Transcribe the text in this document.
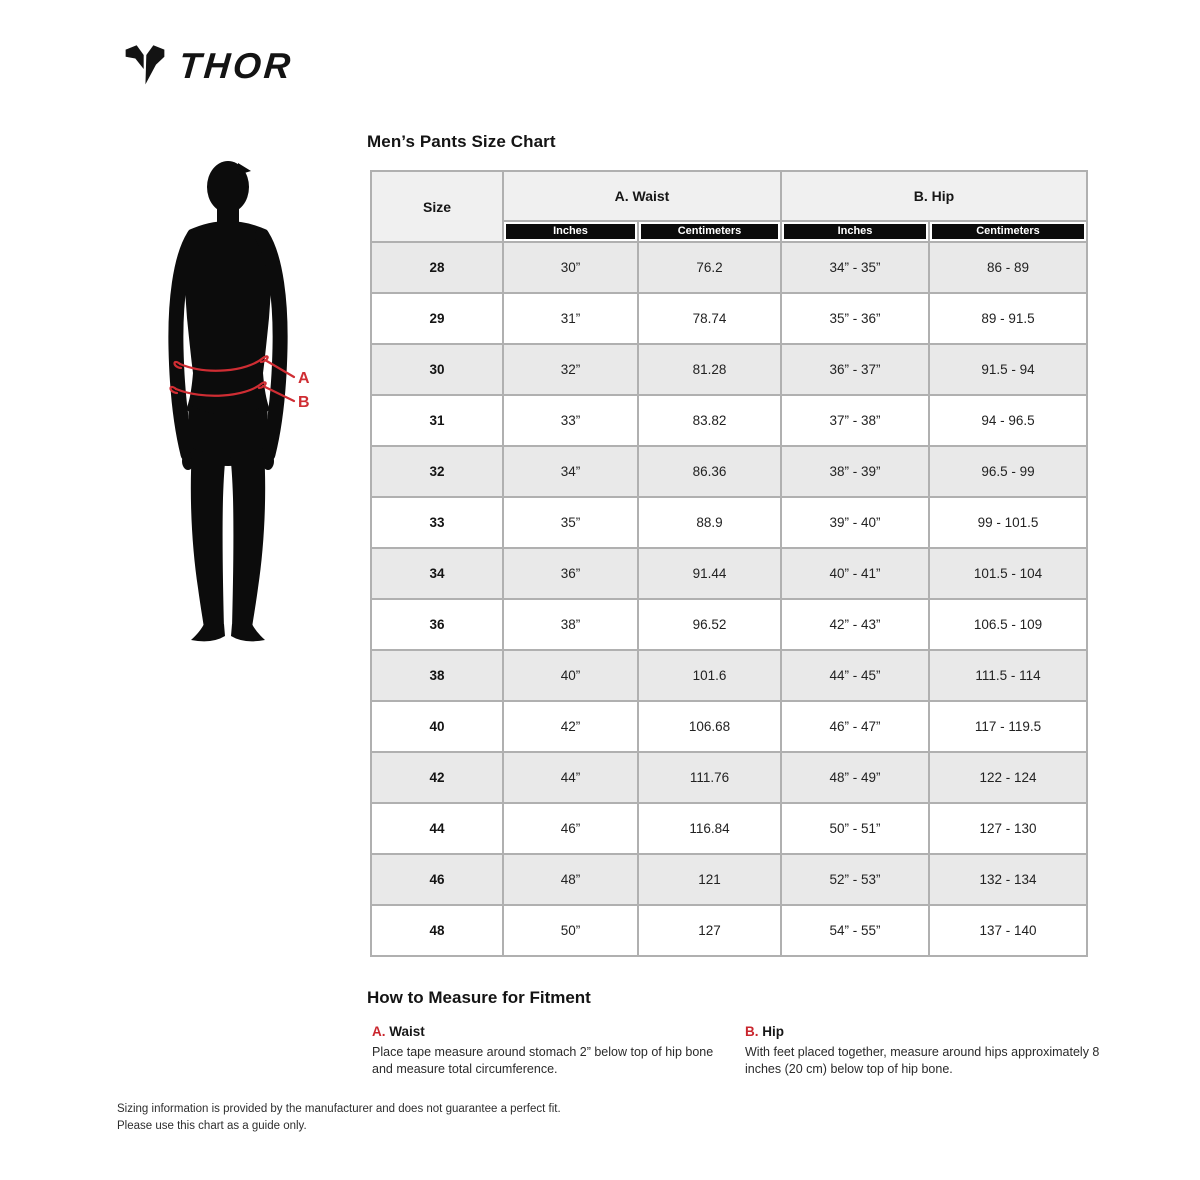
THOR
A
B
Men’s Pants Size Chart
Size	A. Waist		B. Hip	

	Inches	Centimeters	Inches	Centimeters

28	30”	76.2	34” - 35”	86 - 89
29	31”	78.74	35” - 36”	89 - 91.5
30	32”	81.28	36” - 37”	91.5 - 94
31	33”	83.82	37” - 38”	94 - 96.5
32	34”	86.36	38” - 39”	96.5 - 99
33	35”	88.9	39” - 40”	99 - 101.5
34	36”	91.44	40” - 41”	101.5 - 104
36	38”	96.52	42” - 43”	106.5 - 109
38	40”	101.6	44” - 45”	111.5 - 114
40	42”	106.68	46” - 47”	117 - 119.5
42	44”	111.76	48” - 49”	122 - 124
44	46”	116.84	50” - 51”	127 - 130
46	48”	121	52” - 53”	132 - 134
48	50”	127	54” - 55”	137 - 140
How to Measure for Fitment
A. Waist

Place tape measure around stomach 2” below top of hip bone and measure total circumference.

B. Hip

With feet placed together, measure around hips approximately 8 inches (20 cm) below top of hip bone.

Sizing information is provided by the manufacturer and does not guarantee a perfect fit.
Please use this chart as a guide only.
